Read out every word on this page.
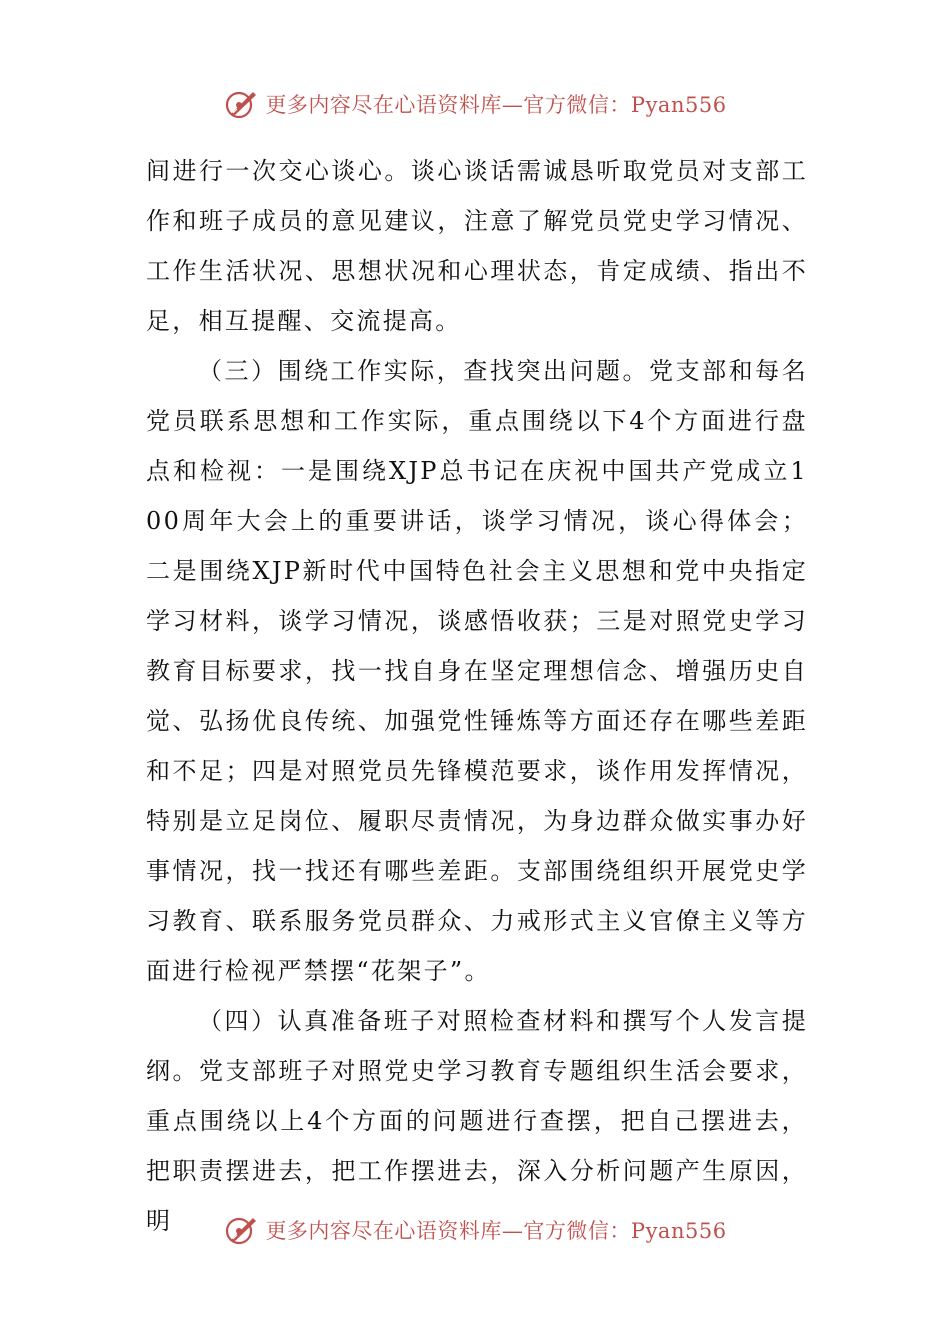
更多内容尽在心语资料库—官方微信：Pyan556

间进行一次交心谈心。谈心谈话需诚恳听取党员对支部工作和班子成员的意见建议，注意了解党员党史学习情况、工作生活状况、思想状况和心理状态，肯定成绩、指出不足，相互提醒、交流提高。

（三）围绕工作实际，查找突出问题。党支部和每名党员联系思想和工作实际，重点围绕以下4个方面进行盘点和检视：一是围绕XJP总书记在庆祝中国共产党成立100周年大会上的重要讲话，谈学习情况，谈心得体会；二是围绕XJP新时代中国特色社会主义思想和党中央指定学习材料，谈学习情况，谈感悟收获；三是对照党史学习教育目标要求，找一找自身在坚定理想信念、增强历史自觉、弘扬优良传统、加强党性锤炼等方面还存在哪些差距和不足；四是对照党员先锋模范要求，谈作用发挥情况，特别是立足岗位、履职尽责情况，为身边群众做实事办好事情况，找一找还有哪些差距。支部围绕组织开展党史学习教育、联系服务党员群众、力戒形式主义官僚主义等方面进行检视严禁摆“花架子”。

（四）认真准备班子对照检查材料和撰写个人发言提纲。党支部班子对照党史学习教育专题组织生活会要求，重点围绕以上4个方面的问题进行查摆，把自己摆进去，把职责摆进去，把工作摆进去，深入分析问题产生原因，明	更多内容尽在心语资料库—官方微信：Pyan556
